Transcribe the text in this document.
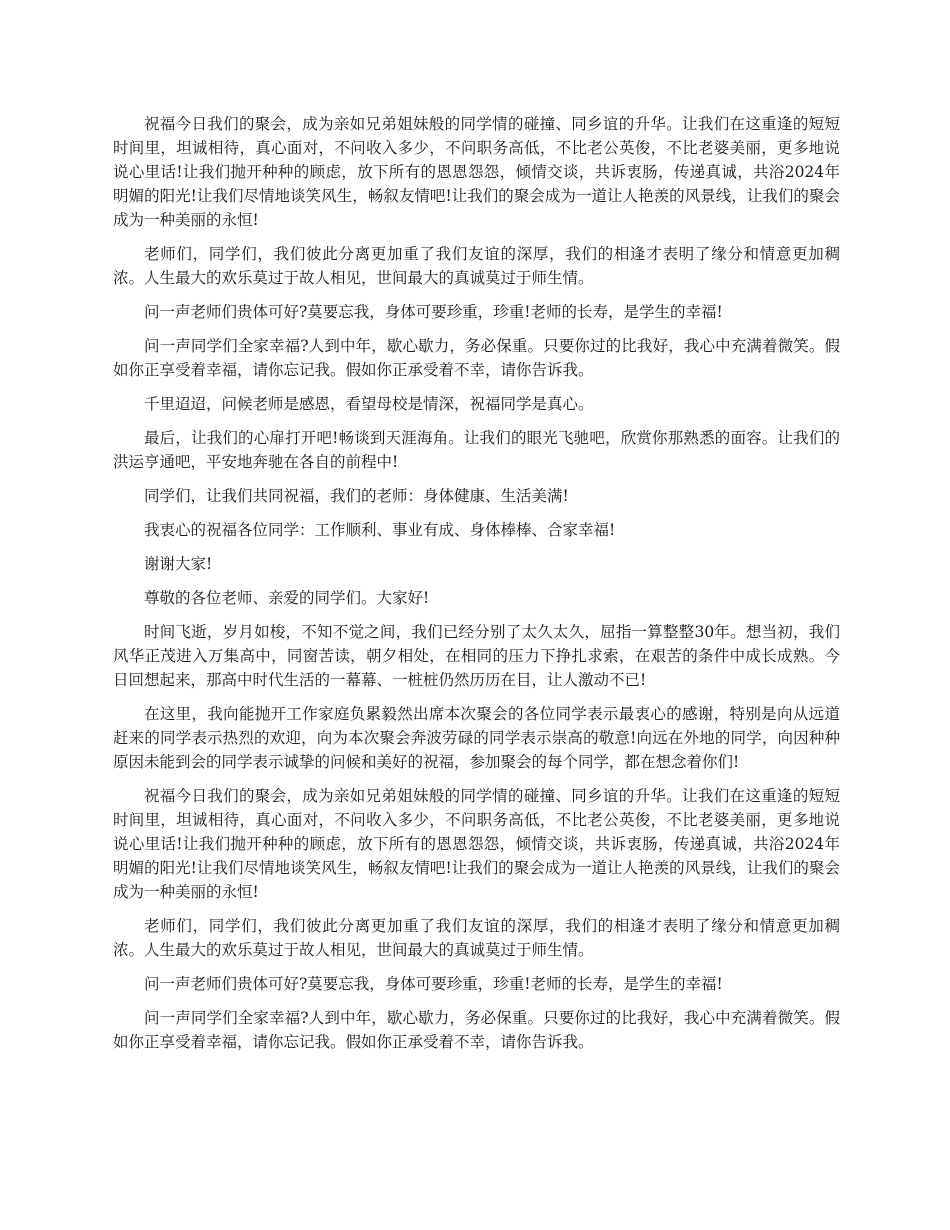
祝福今日我们的聚会，成为亲如兄弟姐妹般的同学情的碰撞、同乡谊的升华。让我们在这重逢的短短时间里，坦诚相待，真心面对，不问收入多少，不问职务高低，不比老公英俊，不比老婆美丽，更多地说说心里话!让我们抛开种种的顾虑，放下所有的恩恩怨怨，倾情交谈，共诉衷肠，传递真诚，共浴2024年明媚的阳光!让我们尽情地谈笑风生，畅叙友情吧!让我们的聚会成为一道让人艳羡的风景线，让我们的聚会成为一种美丽的永恒!

老师们，同学们，我们彼此分离更加重了我们友谊的深厚，我们的相逢才表明了缘分和情意更加稠浓。人生最大的欢乐莫过于故人相见，世间最大的真诚莫过于师生情。

问一声老师们贵体可好?莫要忘我，身体可要珍重，珍重!老师的长寿，是学生的幸福!

问一声同学们全家幸福?人到中年，歇心歇力，务必保重。只要你过的比我好，我心中充满着微笑。假如你正享受着幸福，请你忘记我。假如你正承受着不幸，请你告诉我。

千里迢迢，问候老师是感恩，看望母校是情深，祝福同学是真心。

最后，让我们的心扉打开吧!畅谈到天涯海角。让我们的眼光飞驰吧，欣赏你那熟悉的面容。让我们的洪运亨通吧，平安地奔驰在各自的前程中!

同学们，让我们共同祝福，我们的老师：身体健康、生活美满!

我衷心的祝福各位同学：工作顺利、事业有成、身体棒棒、合家幸福!

谢谢大家!

尊敬的各位老师、亲爱的同学们。大家好!

时间飞逝，岁月如梭，不知不觉之间，我们已经分别了太久太久，屈指一算整整30年。想当初，我们风华正茂进入万集高中，同窗苦读，朝夕相处，在相同的压力下挣扎求索，在艰苦的条件中成长成熟。今日回想起来，那高中时代生活的一幕幕、一桩桩仍然历历在目，让人激动不已!

在这里，我向能抛开工作家庭负累毅然出席本次聚会的各位同学表示最衷心的感谢，特别是向从远道赶来的同学表示热烈的欢迎，向为本次聚会奔波劳碌的同学表示崇高的敬意!向远在外地的同学，向因种种原因未能到会的同学表示诚挚的问候和美好的祝福，参加聚会的每个同学，都在想念着你们!

祝福今日我们的聚会，成为亲如兄弟姐妹般的同学情的碰撞、同乡谊的升华。让我们在这重逢的短短时间里，坦诚相待，真心面对，不问收入多少，不问职务高低，不比老公英俊，不比老婆美丽，更多地说说心里话!让我们抛开种种的顾虑，放下所有的恩恩怨怨，倾情交谈，共诉衷肠，传递真诚，共浴2024年明媚的阳光!让我们尽情地谈笑风生，畅叙友情吧!让我们的聚会成为一道让人艳羡的风景线，让我们的聚会成为一种美丽的永恒!

老师们，同学们，我们彼此分离更加重了我们友谊的深厚，我们的相逢才表明了缘分和情意更加稠浓。人生最大的欢乐莫过于故人相见，世间最大的真诚莫过于师生情。

问一声老师们贵体可好?莫要忘我，身体可要珍重，珍重!老师的长寿，是学生的幸福!

问一声同学们全家幸福?人到中年，歇心歇力，务必保重。只要你过的比我好，我心中充满着微笑。假如你正享受着幸福，请你忘记我。假如你正承受着不幸，请你告诉我。
